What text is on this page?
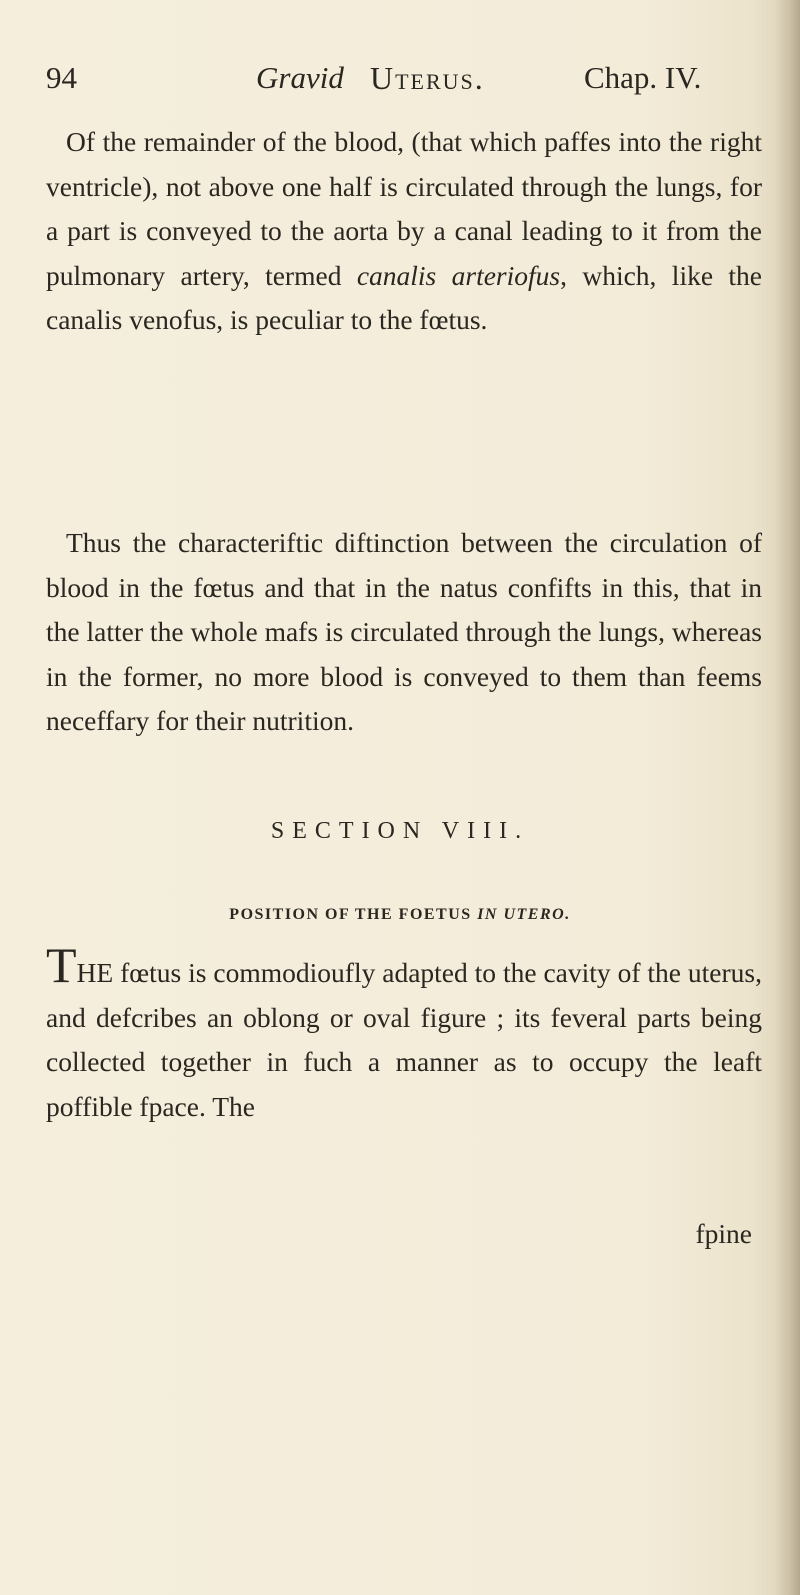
94	Gravid Uterus.	Chap. IV.

Of the remainder of the blood, (that which paffes into the right ventricle), not above one half is circulated through the lungs, for a part is conveyed to the aorta by a canal leading to it from the pulmonary artery, termed canalis arteriofus, which, like the canalis venofus, is peculiar to the fœtus.

Thus the characteriftic diftinction between the circulation of blood in the fœtus and that in the natus confifts in this, that in the latter the whole mafs is circulated through the lungs, whereas in the former, no more blood is conveyed to them than feems neceffary for their nutrition.

SECTION VIII.
POSITION OF THE FOETUS IN UTERO.

THE fœtus is commodioufly adapted to the cavity of the uterus, and defcribes an oblong or oval figure ; its feveral parts being collected together in fuch a manner as to occupy the leaft poffible fpace. The

fpine
